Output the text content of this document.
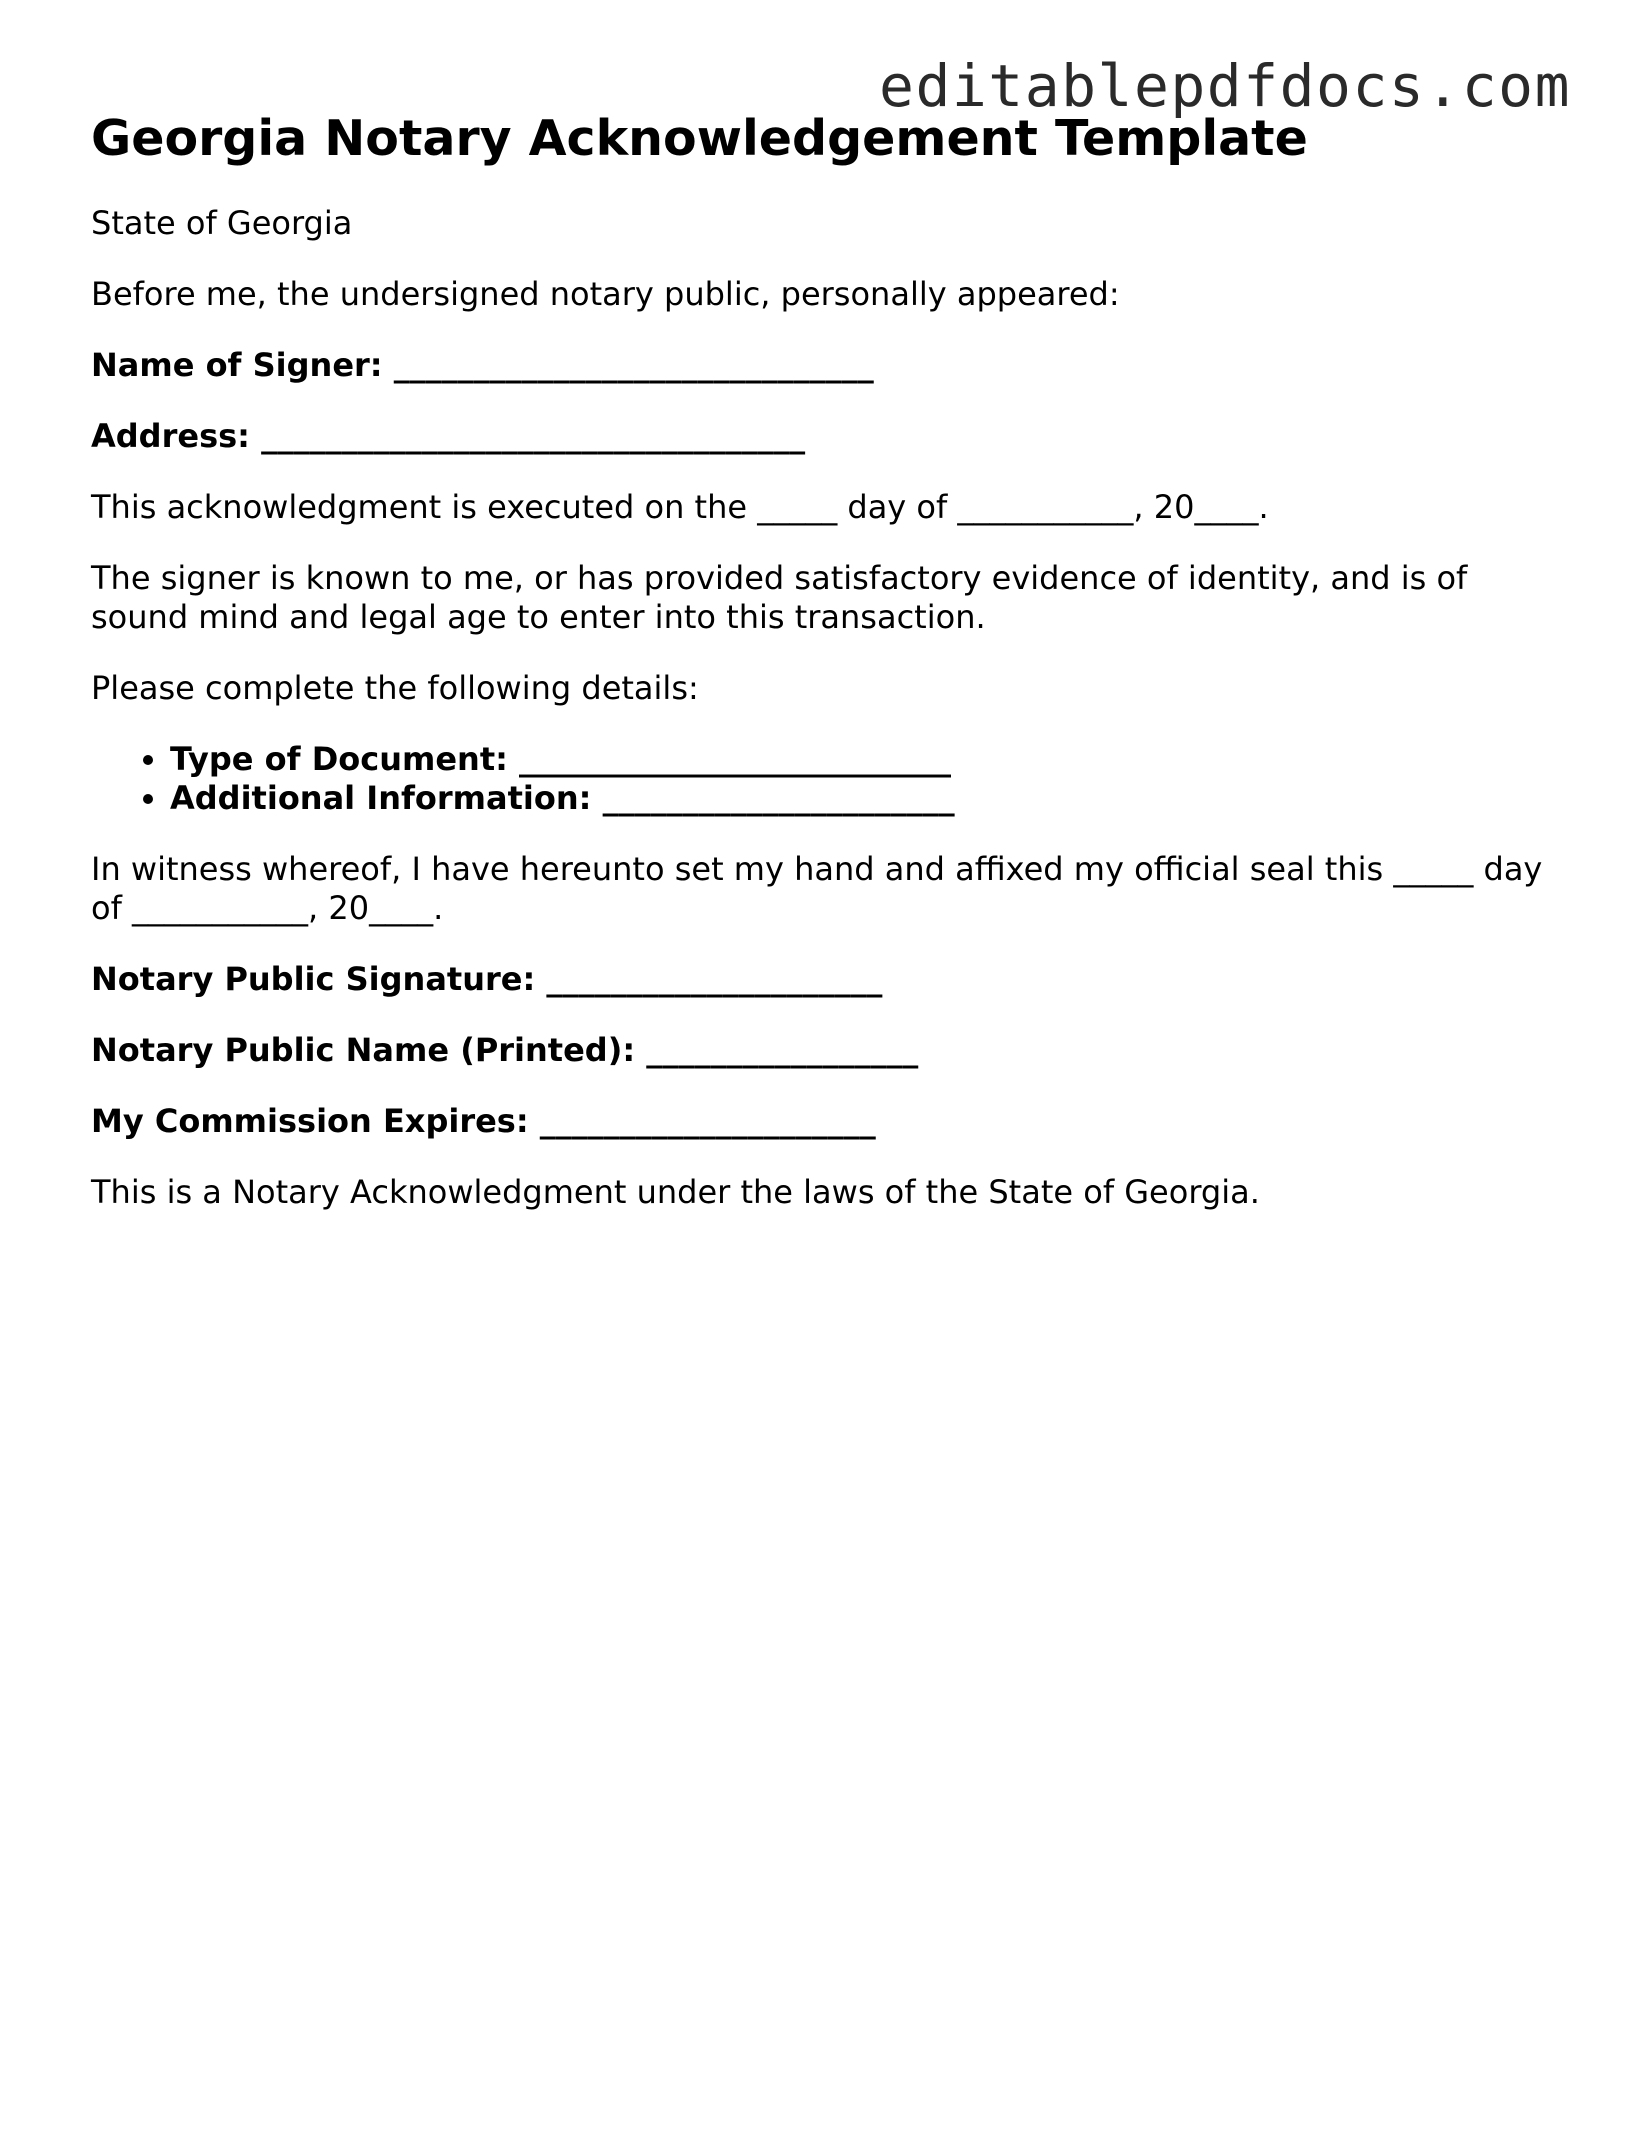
editablepdfdocs.com
Georgia Notary Acknowledgement Template

State of Georgia

Before me, the undersigned notary public, personally appeared:

Name of Signer: ______________________________

Address: __________________________________

This acknowledgment is executed on the _____ day of ___________, 20____.

The signer is known to me, or has provided satisfactory evidence of identity, and is of sound mind and legal age to enter into this transaction.

Please complete the following details:

• Type of Document: ___________________________
• Additional Information: ______________________

In witness whereof, I have hereunto set my hand and affixed my official seal this _____ day of ___________, 20____.

Notary Public Signature: _____________________

Notary Public Name (Printed): _________________

My Commission Expires: _____________________

This is a Notary Acknowledgment under the laws of the State of Georgia.
